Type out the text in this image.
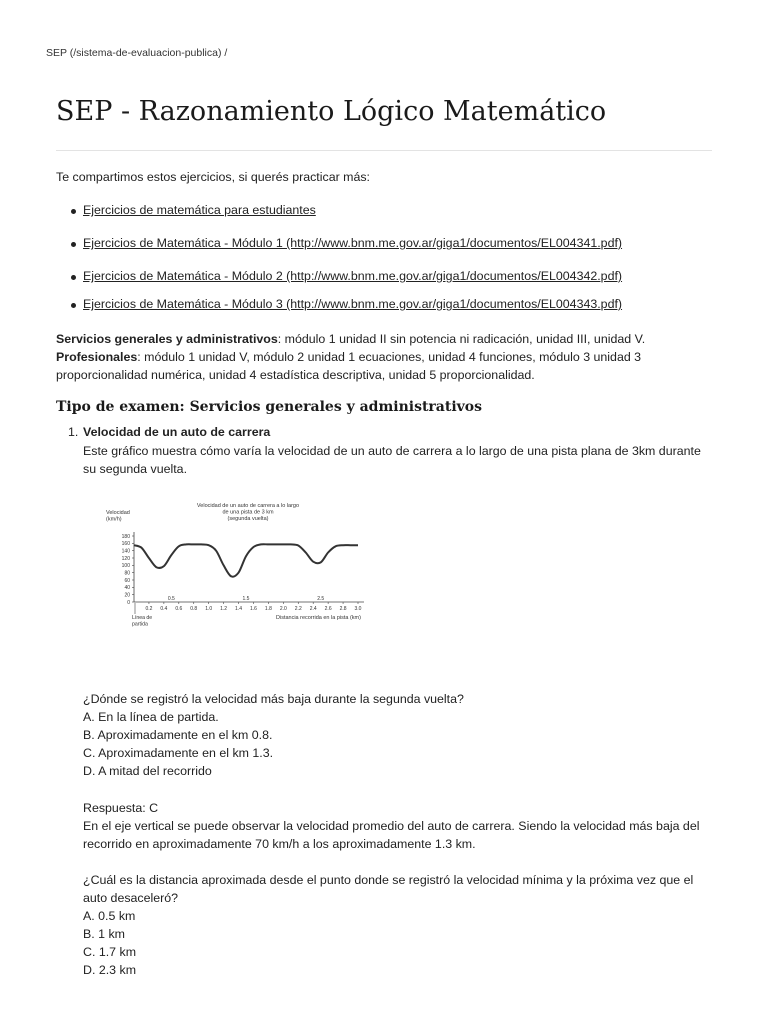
SEP (/sistema-de-evaluacion-publica) /
SEP - Razonamiento Lógico Matemático

Te compartimos estos ejercicios, si querés practicar más:

Ejercicios de matemática para estudiantes
Ejercicios de Matemática - Módulo 1 (http://www.bnm.me.gov.ar/giga1/documentos/EL004341.pdf)
Ejercicios de Matemática - Módulo 2 (http://www.bnm.me.gov.ar/giga1/documentos/EL004342.pdf)
Ejercicios de Matemática - Módulo 3 (http://www.bnm.me.gov.ar/giga1/documentos/EL004343.pdf)
Servicios generales y administrativos: módulo 1 unidad II sin potencia ni radicación, unidad III, unidad V.
Profesionales: módulo 1 unidad V, módulo 2 unidad 1 ecuaciones, unidad 4 funciones, módulo 3 unidad 3 proporcionalidad numérica, unidad 4 estadística descriptiva, unidad 5 proporcionalidad.
Tipo de examen: Servicios generales y administrativos
1. Velocidad de un auto de carrera
Este gráfico muestra cómo varía la velocidad de un auto de carrera a lo largo de una pista plana de 3km durante su segunda vuelta.
Velocidad de un auto de carrera a lo largo
de una pista de 3 km
(segunda vuelta)
Velocidad
(km/h)
0
20
40
60
80
100
120
140
160
180
0.2 0.4 0.6 0.8 1.0 1.2 1.4 1.6 1.8 2.0 2.2 2.4 2.6 2.8 3.0
0.5	1.5	2.5
Línea de
partida
Distancia recorrida en la pista (km)
¿Dónde se registró la velocidad más baja durante la segunda vuelta?
A. En la línea de partida.
B. Aproximadamente en el km 0.8.
C. Aproximadamente en el km 1.3.
D. A mitad del recorrido
Respuesta: C

En el eje vertical se puede observar la velocidad promedio del auto de carrera. Siendo la velocidad más baja del recorrido en aproximadamente 70 km/h a los aproximadamente 1.3 km.

¿Cuál es la distancia aproximada desde el punto donde se registró la velocidad mínima y la próxima vez que el auto desaceleró?

A. 0.5 km
B. 1 km
C. 1.7 km
D. 2.3 km
